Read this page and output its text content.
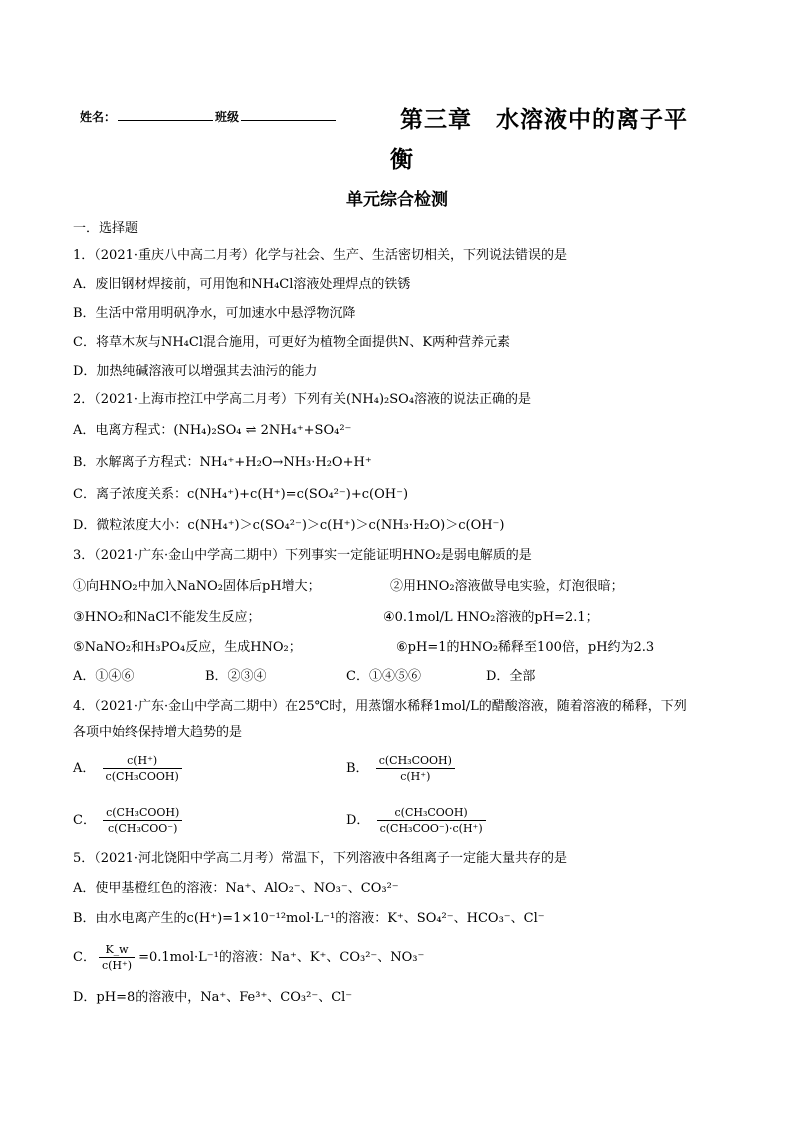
姓名：	班级	第三章　水溶液中的离子平
衡
单元综合检测
一．选择题
1．（2021·重庆八中高二月考）化学与社会、生产、生活密切相关，下列说法错误的是
A．废旧钢材焊接前，可用饱和NH₄Cl溶液处理焊点的铁锈
B．生活中常用明矾净水，可加速水中悬浮物沉降
C．将草木灰与NH₄Cl混合施用，可更好为植物全面提供N、K两种营养元素
D．加热纯碱溶液可以增强其去油污的能力
2．（2021·上海市控江中学高二月考）下列有关(NH₄)₂SO₄溶液的说法正确的是
A．电离方程式：(NH₄)₂SO₄ ⇌ 2NH₄⁺+SO₄²⁻
B．水解离子方程式：NH₄⁺+H₂O→NH₃·H₂O+H⁺
C．离子浓度关系：c(NH₄⁺)+c(H⁺)=c(SO₄²⁻)+c(OH⁻)
D．微粒浓度大小：c(NH₄⁺)＞c(SO₄²⁻)＞c(H⁺)＞c(NH₃·H₂O)＞c(OH⁻)
3．（2021·广东·金山中学高二期中）下列事实一定能证明HNO₂是弱电解质的是
①向HNO₂中加入NaNO₂固体后pH增大；	②用HNO₂溶液做导电实验，灯泡很暗；
③HNO₂和NaCl不能发生反应；	④0.1mol/L HNO₂溶液的pH=2.1；
⑤NaNO₂和H₃PO₄反应，生成HNO₂；	⑥pH=1的HNO₂稀释至100倍，pH约为2.3
A．①④⑥	B．②③④	C．①④⑤⑥	D．全部
4．（2021·广东·金山中学高二期中）在25℃时，用蒸馏水稀释1mol/L的醋酸溶液，随着溶液的稀释，下列
各项中始终保持增大趋势的是
A． $\frac{c(H^+)}{\text{c(CH₃COOH)}}$	B． $\frac{\text{c(CH₃COOH)}}{c(H^+)}$
C． $\frac{\text{c(CH₃COOH)}}{\text{c(CH₃COO⁻)}}$	D． $\frac{\text{c(CH₃COOH)}}{\text{c(CH₃COO⁻)·c(H⁺)}}$
5．（2021·河北饶阳中学高二月考）常温下，下列溶液中各组离子一定能大量共存的是
A．使甲基橙红色的溶液：Na⁺、AlO₂⁻、NO₃⁻、CO₃²⁻
B．由水电离产生的c(H⁺)=1×10⁻¹²mol·L⁻¹的溶液：K⁺、SO₄²⁻、HCO₃⁻、Cl⁻
C． $\frac{K\_w}{c(H^+)} =0.1mol\cdot L^{-1}$的溶液：Na⁺、K⁺、CO₃²⁻、NO₃⁻
D．pH=8的溶液中，Na⁺、Fe³⁺、CO₃²⁻、Cl⁻
